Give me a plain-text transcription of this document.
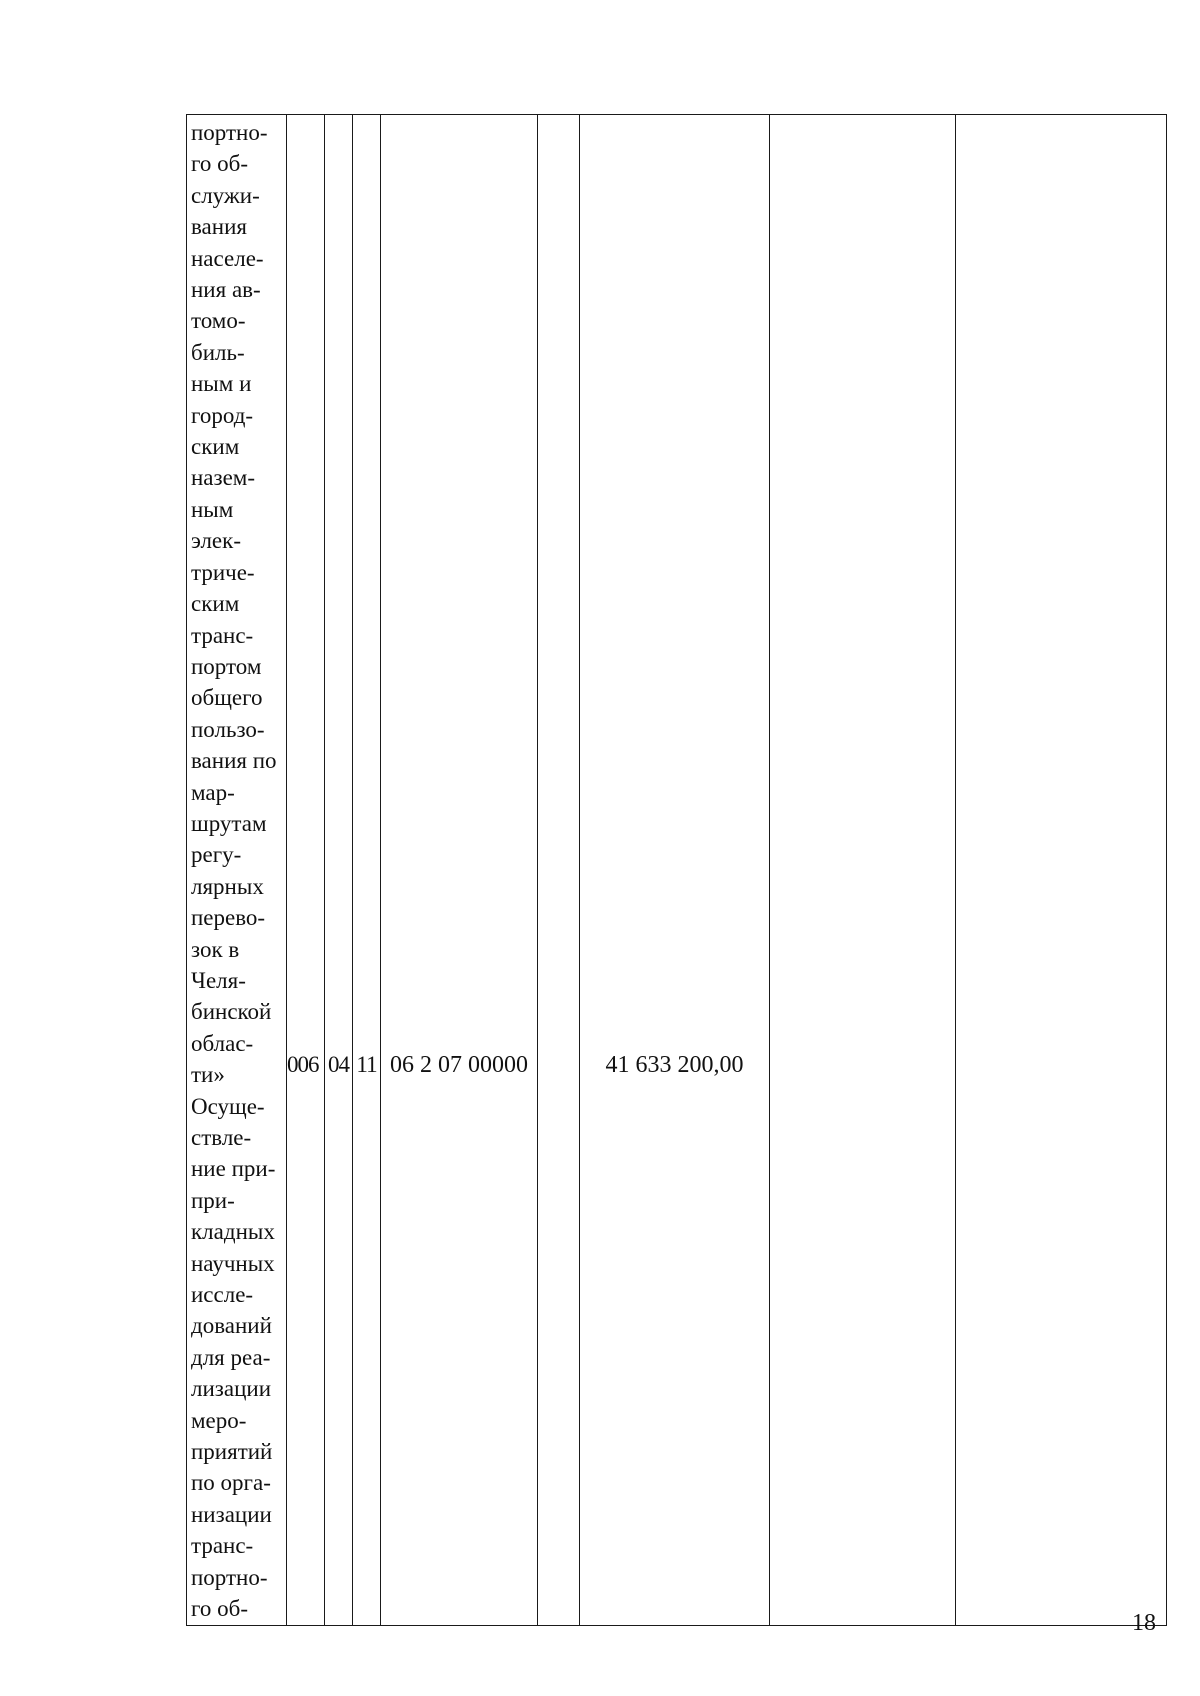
портно-
го об-
служи-
вания
населе-
ния ав-
томо-
биль-
ным и
город-
ским
назем-
ным
элек-
триче-
ским
транс-
портом
общего
пользо-
вания по
мар-
шрутам
регу-
лярных
перево-
зок в
Челя-
бинской
облас-
ти»
Осуще-
ствле-
ние при-
при-
кладных
научных
иссле-
дований
для реа-
лизации
меро-
приятий
по орга-
низации
транс-
портно-
го об-

006	04	11	06 2 07 00000		41 633 200,00

18
